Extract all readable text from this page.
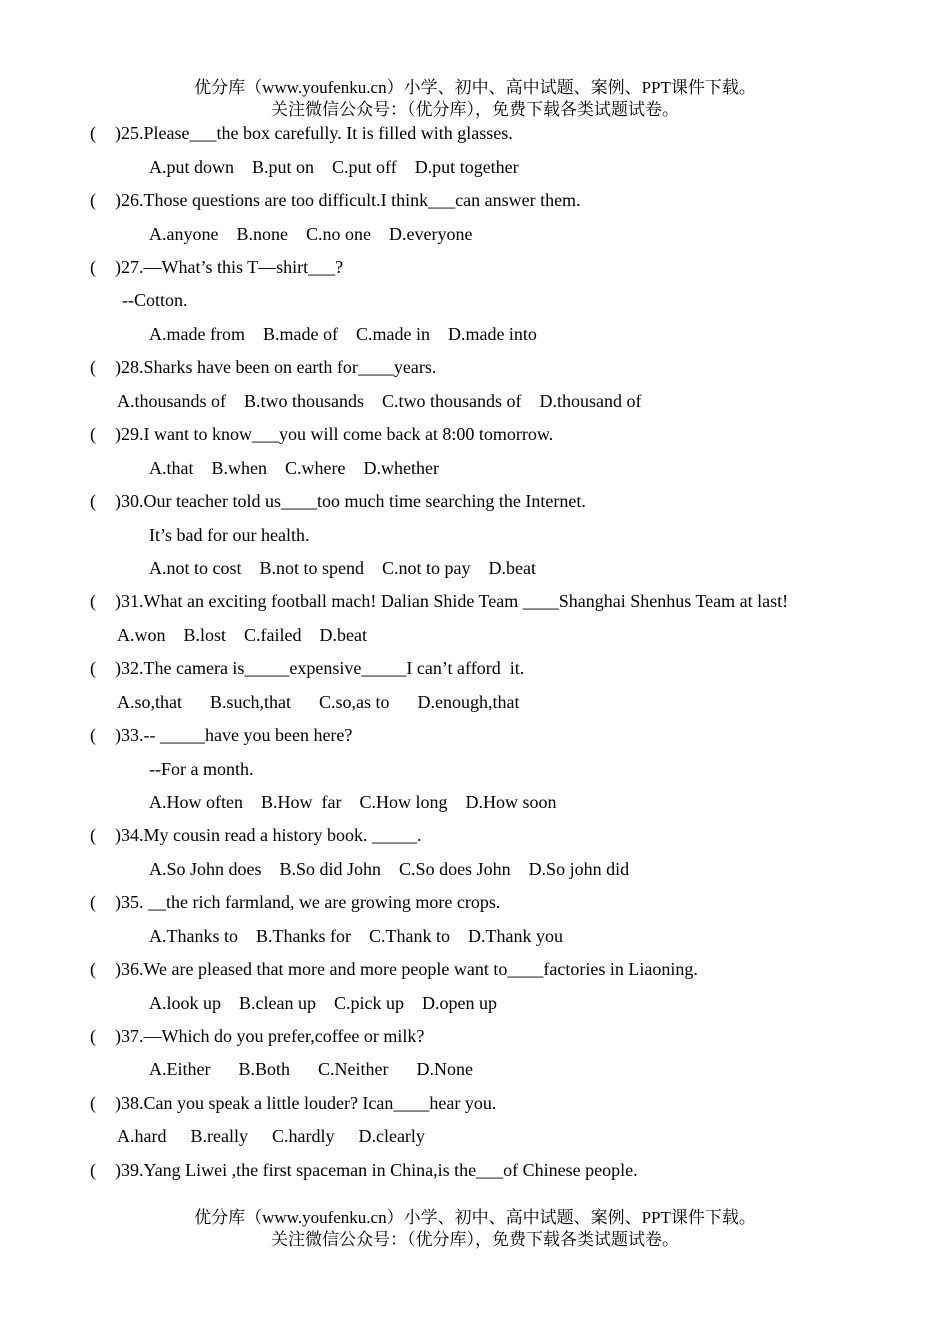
优分库（www.youfenku.cn）小学、初中、高中试题、案例、PPT课件下载。
关注微信公众号：（优分库），免费下载各类试题试卷。
( )25.Please___the box carefully. It is filled with glasses.
A.put down B.put on C.put off D.put together
( )26.Those questions are too difficult.I think___can answer them.
A.anyone B.none C.no one D.everyone
( )27.—What’s this T—shirt___?
--Cotton.
A.made from B.made of C.made in D.made into
( )28.Sharks have been on earth for____years.
A.thousands of B.two thousands C.two thousands of D.thousand of
( )29.I want to know___you will come back at 8:00 tomorrow.
A.that B.when C.where D.whether
( )30.Our teacher told us____too much time searching the Internet.
It’s bad for our health.
A.not to cost B.not to spend C.not to pay D.beat
( )31.What an exciting football mach! Dalian Shide Team ____Shanghai Shenhus Team at last!
A.won B.lost C.failed D.beat
( )32.The camera is_____expensive_____I can’t afford  it.
A.so,that B.such,that C.so,as to D.enough,that
( )33.-- _____have you been here?
--For a month.
A.How often B.How  far C.How long D.How soon
( )34.My cousin read a history book. _____.
A.So John does B.So did John C.So does John D.So john did
( )35. __the rich farmland, we are growing more crops.
A.Thanks to B.Thanks for C.Thank to D.Thank you
( )36.We are pleased that more and more people want to____factories in Liaoning.
A.look up B.clean up C.pick up D.open up
( )37.—Which do you prefer,coffee or milk?
A.Either B.Both C.Neither D.None
( )38.Can you speak a little louder? Ican____hear you.
A.hard B.really C.hardly D.clearly
( )39.Yang Liwei ,the first spaceman in China,is the___of Chinese people.
优分库（www.youfenku.cn）小学、初中、高中试题、案例、PPT课件下载。
关注微信公众号：（优分库），免费下载各类试题试卷。
